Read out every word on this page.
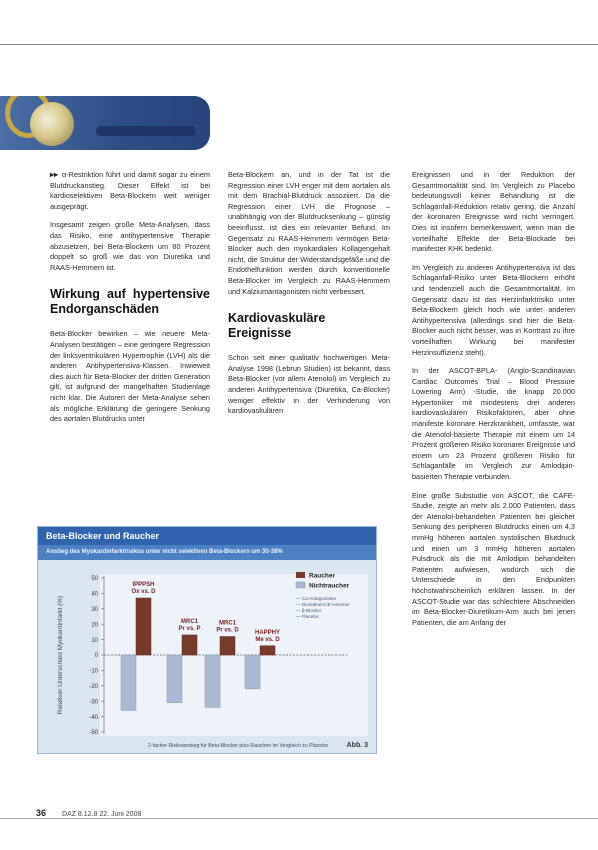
▸▸ α-Restriktion führt und damit sogar zu einem Blutdruckanstieg. Dieser Effekt ist bei kardioselektiven Beta-Blockern weit weniger ausgeprägt.

Insgesamt zeigen große Meta-Analysen, dass das Risiko, eine antihypertensive Therapie abzusetzen, bei Beta-Blockern um 80 Prozent doppelt so groß wie das von Diuretika und RAAS-Hemmern ist.

Wirkung auf hypertensive Endorganschäden

Beta-Blocker bewirken – wie neuere Meta-Analysen bestätigen – eine geringere Regression der linksventrikulären Hypertrophie (LVH) als die anderen Antihypertensiva-Klassen. Inwieweit dies auch für Beta-Blocker der dritten Generation gilt, ist aufgrund der mangelhaften Studienlage nicht klar. Die Autoren der Meta-Analyse sehen als mögliche Erklärung die geringere Senkung des aortalen Blutdrucks unter

Beta-Blockern an, und in der Tat ist die Regression einer LVH enger mit dem aortalen als mit dem Brachial-Blutdruck assoziiert. Da die Regression einer LVH die Prognose – unabhängig von der Blutdrucksenkung – günstig beeinflusst, ist dies ein relevanter Befund. Im Gegensatz zu RAAS-Hemmern vermögen Beta-Blocker auch den myokardialen Kollagengehalt nicht, die Struktur der Widerstandsgefäße und die Endothelfunktion werden durch konventionelle Beta-Blocker im Vergleich zu RAAS-Hemmern und Kalziumantagonisten nicht verbessert.

Kardiovaskuläre Ereignisse

Schon seit einer qualitativ hochwertigen Meta-Analyse 1998 (Lebrun Studien) ist bekannt, dass Beta-Blocker (vor allem Atenolol) im Vergleich zu anderen Antihypertensiva (Diuretika, Ca-Blocker) weniger effektiv in der Verhinderung von kardiovaskulären

Ereignissen und in der Reduktion der Gesamtmortalität sind. Im Vergleich zu Placebo bedeutungsvoll keiner Behandlung ist die Schlaganfall-Reduktion relativ gering, die Anzahl der koronaren Ereignisse wird nicht verringert. Dies ist insofern bemerkenswert, wenn man die vorteilhafte Effekte der Beta-Blockade bei manifester KHK bedenkt.

Im Vergleich zu anderen Antihypertensiva ist das Schlaganfall-Risiko unter Beta-Blockern erhöht und tendenziell auch die Gesamtmortalität. Im Gegensatz dazu ist das Herzinfarktrisiko unter Beta-Blockern gleich hoch wie unter anderen Antihypertensiva (allerdings sind hier die Beta-Blocker auch nicht besser, was in Kontrast zu ihre vorteilhaften Wirkung bei manifester Herzinsuffizienz steht).

In der ASCOT-BPLA- (Anglo-Scandinavian Cardiac Outcomes Trial – Blood Pressure Lowering Arm) -Studie, die knapp 20.000 Hypertoniker mit mindestens drei anderen kardiovaskulären Risikofaktoren, aber ohne manifeste koronare Herzkrankheit, umfasste, war die Atenolol-basierte Therapie mit einem um 14 Prozent größeren Risiko koronarer Ereignisse und einem um 23 Prozent größeren Risiko für Schlaganfälle im Vergleich zur Amlodipin-basierten Therapie verbunden.

Eine große Substudie von ASCOT, die CAFE-Studie, zeigte an mehr als 2.000 Patienten, dass der Atenolol-behandelten Patienten bei gleicher Senkung des peripheren Blutdrucks einen um 4,3 mmHg höheren aortalen systolischen Blutdruck und einen um 3 mmHg höheren aortalen Pulsdruck als die mit Amlodipin behandelten Patienten aufwiesen, wodurch sich die Unterschiede in den Endpunkten höchstwahrscheinlich erklären lassen. In der ASCOT-Studie war das schlechtere Abschneiden im Beta-Blocker-Diuretikum-Arm auch bei jenen Patienten, die am Anfang der

Beta-Blocker und Raucher
Anstieg des Myokardinfarktrisikos unter nicht selektiven Beta-Blockern um 30-38%
Relativer Unterschied Myokardinfarkt (%)
50
40
30
20
10
0
-10
-20
-30
-40
-50
IPPPSH
Ox vs. D
MRC1
Pr vs. P
MRC1
Pr vs. D	HAPPHY
Me vs. D
Raucher
Nichtraucher
— Ca-Antagonisten
— Diuretika/ACE-Hemmer
— β-Blocker
— Placebo
2-facher Risikoanstieg für Beta-Blocker plus Rauchen im Vergleich zu Placebo	Abb. 3
36 DAZ 8.12.8 22. Juni 2008
